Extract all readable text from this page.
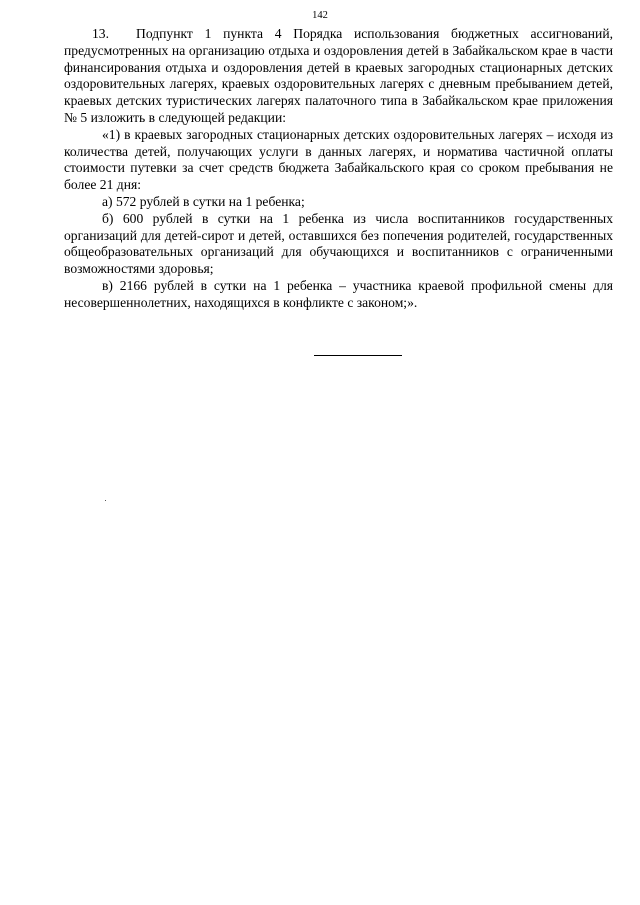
142

13. Подпункт 1 пункта 4 Порядка использования бюджетных ассигнований, предусмотренных на организацию отдыха и оздоровления детей в Забайкальском крае в части финансирования отдыха и оздоровления детей в краевых загородных стационарных детских оздоровительных лагерях, краевых оздоровительных лагерях с дневным пребыванием детей, краевых детских туристических лагерях палаточного типа в Забайкальском крае приложения № 5 изложить в следующей редакции:

«1) в краевых загородных стационарных детских оздоровительных лагерях – исходя из количества детей, получающих услуги в данных лагерях, и норматива частичной оплаты стоимости путевки за счет средств бюджета Забайкальского края со сроком пребывания не более 21 дня:

а) 572 рублей в сутки на 1 ребенка;

б) 600 рублей в сутки на 1 ребенка из числа воспитанников государственных организаций для детей-сирот и детей, оставшихся без попечения родителей, государственных общеобразовательных организаций для обучающихся и воспитанников с ограниченными возможностями здоровья;

в) 2166 рублей в сутки на 1 ребенка – участника краевой профильной смены для несовершеннолетних, находящихся в конфликте с законом;».
